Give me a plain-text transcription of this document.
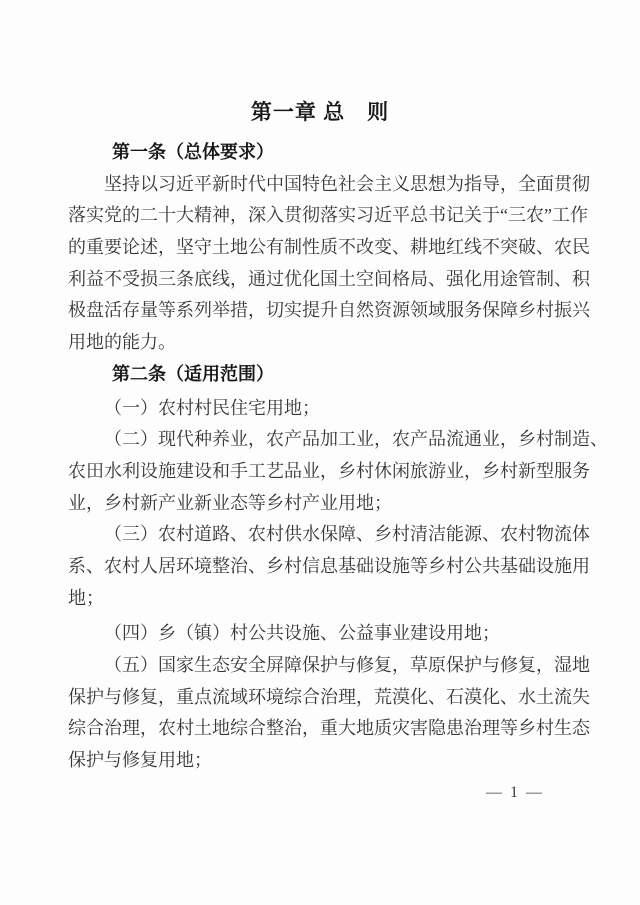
第一章 总　则
第一条（总体要求）
坚持以习近平新时代中国特色社会主义思想为指导，全面贯彻
落实党的二十大精神，深入贯彻落实习近平总书记关于“三农”工作
的重要论述，坚守土地公有制性质不改变、耕地红线不突破、农民
利益不受损三条底线，通过优化国土空间格局、强化用途管制、积
极盘活存量等系列举措，切实提升自然资源领域服务保障乡村振兴
用地的能力。
第二条（适用范围）
（一）农村村民住宅用地；
（二）现代种养业，农产品加工业，农产品流通业，乡村制造、
农田水利设施建设和手工艺品业，乡村休闲旅游业，乡村新型服务
业，乡村新产业新业态等乡村产业用地；
（三）农村道路、农村供水保障、乡村清洁能源、农村物流体
系、农村人居环境整治、乡村信息基础设施等乡村公共基础设施用
地；
（四）乡（镇）村公共设施、公益事业建设用地；
（五）国家生态安全屏障保护与修复，草原保护与修复，湿地
保护与修复，重点流域环境综合治理，荒漠化、石漠化、水土流失
综合治理，农村土地综合整治，重大地质灾害隐患治理等乡村生态
保护与修复用地；
— 1 —
